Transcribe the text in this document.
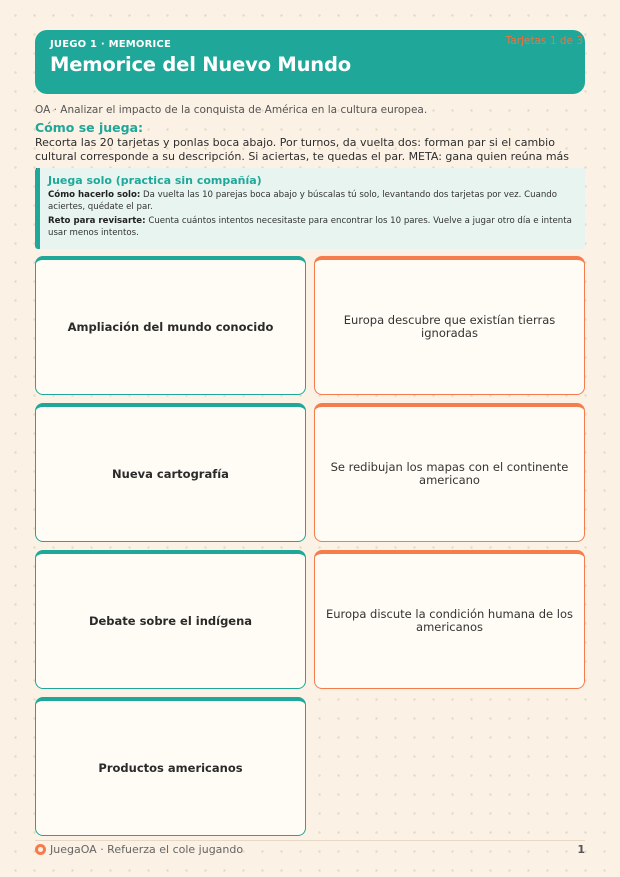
JUEGO 1 · MEMORICE
Memorice del Nuevo Mundo
Tarjetas 1 de 3
OA · Analizar el impacto de la conquista de América en la cultura europea.
Cómo se juega:
Recorta las 20 tarjetas y ponlas boca abajo. Por turnos, da vuelta dos: forman par si el cambio cultural corresponde a su descripción. Si aciertas, te quedas el par. META: gana quien reúna más
Juega solo (practica sin compañía)
Cómo hacerlo solo: Da vuelta las 10 parejas boca abajo y búscalas tú solo, levantando dos tarjetas por vez. Cuando aciertes, quédate el par.
Reto para revisarte: Cuenta cuántos intentos necesitaste para encontrar los 10 pares. Vuelve a jugar otro día e intenta usar menos intentos.
Ampliación del mundo conocido	Europa descubre que existían tierras ignoradas
Nueva cartografía	Se redibujan los mapas con el continente americano
Debate sobre el indígena	Europa discute la condición humana de los americanos
Productos americanos
JuegaOA · Refuerza el cole jugando	1
